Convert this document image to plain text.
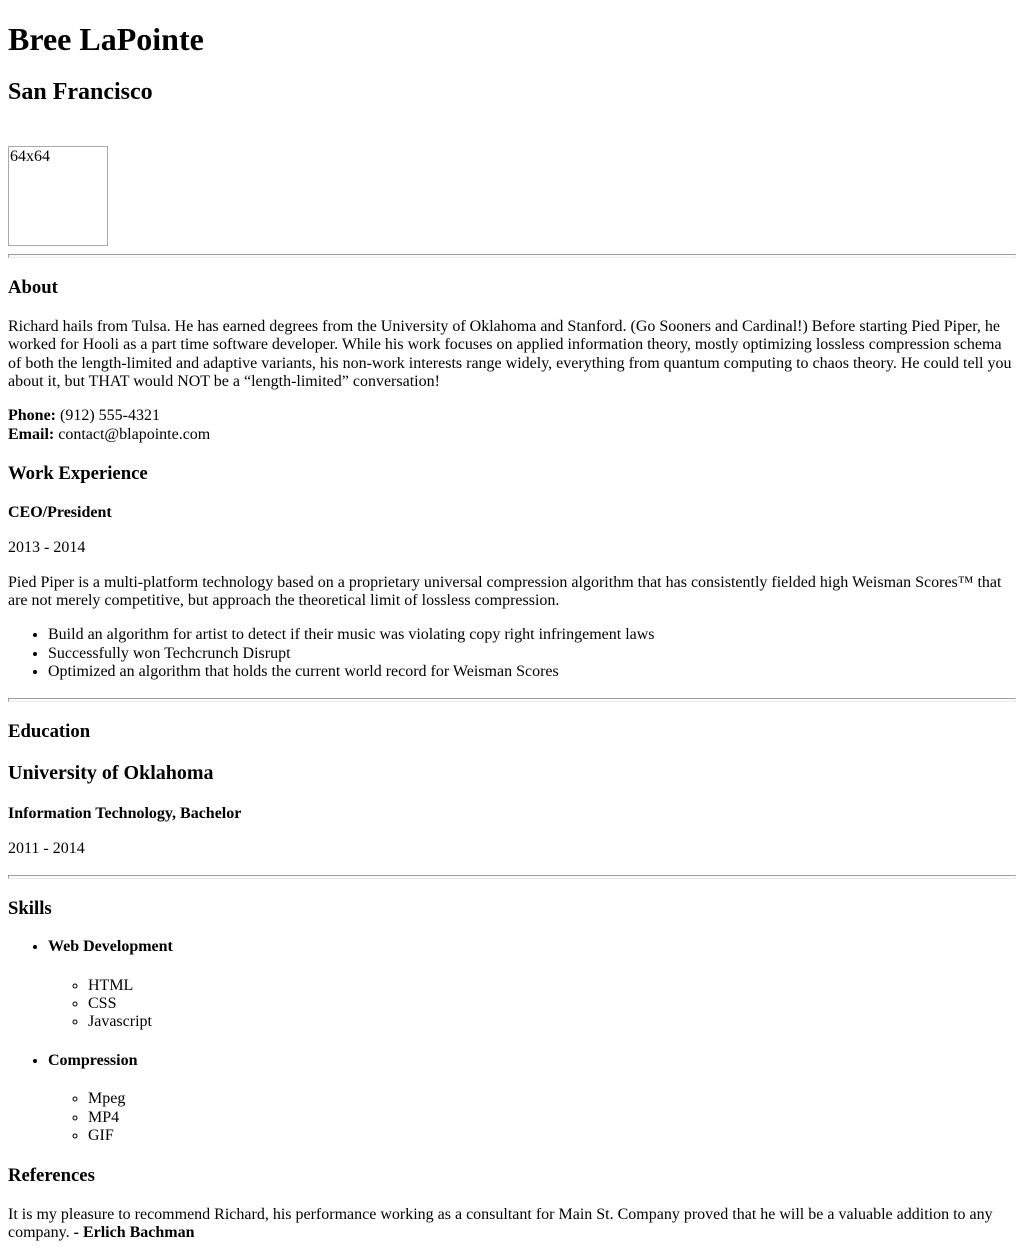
Bree LaPointe
San Francisco

64x64

About

Richard hails from Tulsa. He has earned degrees from the University of Oklahoma and Stanford. (Go Sooners and Cardinal!) Before starting Pied Piper, he worked for Hooli as a part time software developer. While his work focuses on applied information theory, mostly optimizing lossless compression schema of both the length-limited and adaptive variants, his non-work interests range widely, everything from quantum computing to chaos theory. He could tell you about it, but THAT would NOT be a “length-limited” conversation!

Phone: (912) 555-4321
Email: contact@blapointe.com

Work Experience
CEO/President

2013 - 2014

Pied Piper is a multi-platform technology based on a proprietary universal compression algorithm that has consistently fielded high Weisman Scores™ that are not merely competitive, but approach the theoretical limit of lossless compression.

• Build an algorithm for artist to detect if their music was violating copy right infringement laws
• Successfully won Techcrunch Disrupt
• Optimized an algorithm that holds the current world record for Weisman Scores
Education
University of Oklahoma
Information Technology, Bachelor

2011 - 2014

Skills

• Web Development

◦ HTML
◦ CSS
◦ Javascript

• Compression

◦ Mpeg
◦ MP4
◦ GIF
References

It is my pleasure to recommend Richard, his performance working as a consultant for Main St. Company proved that he will be a valuable addition to any company. - Erlich Bachman
